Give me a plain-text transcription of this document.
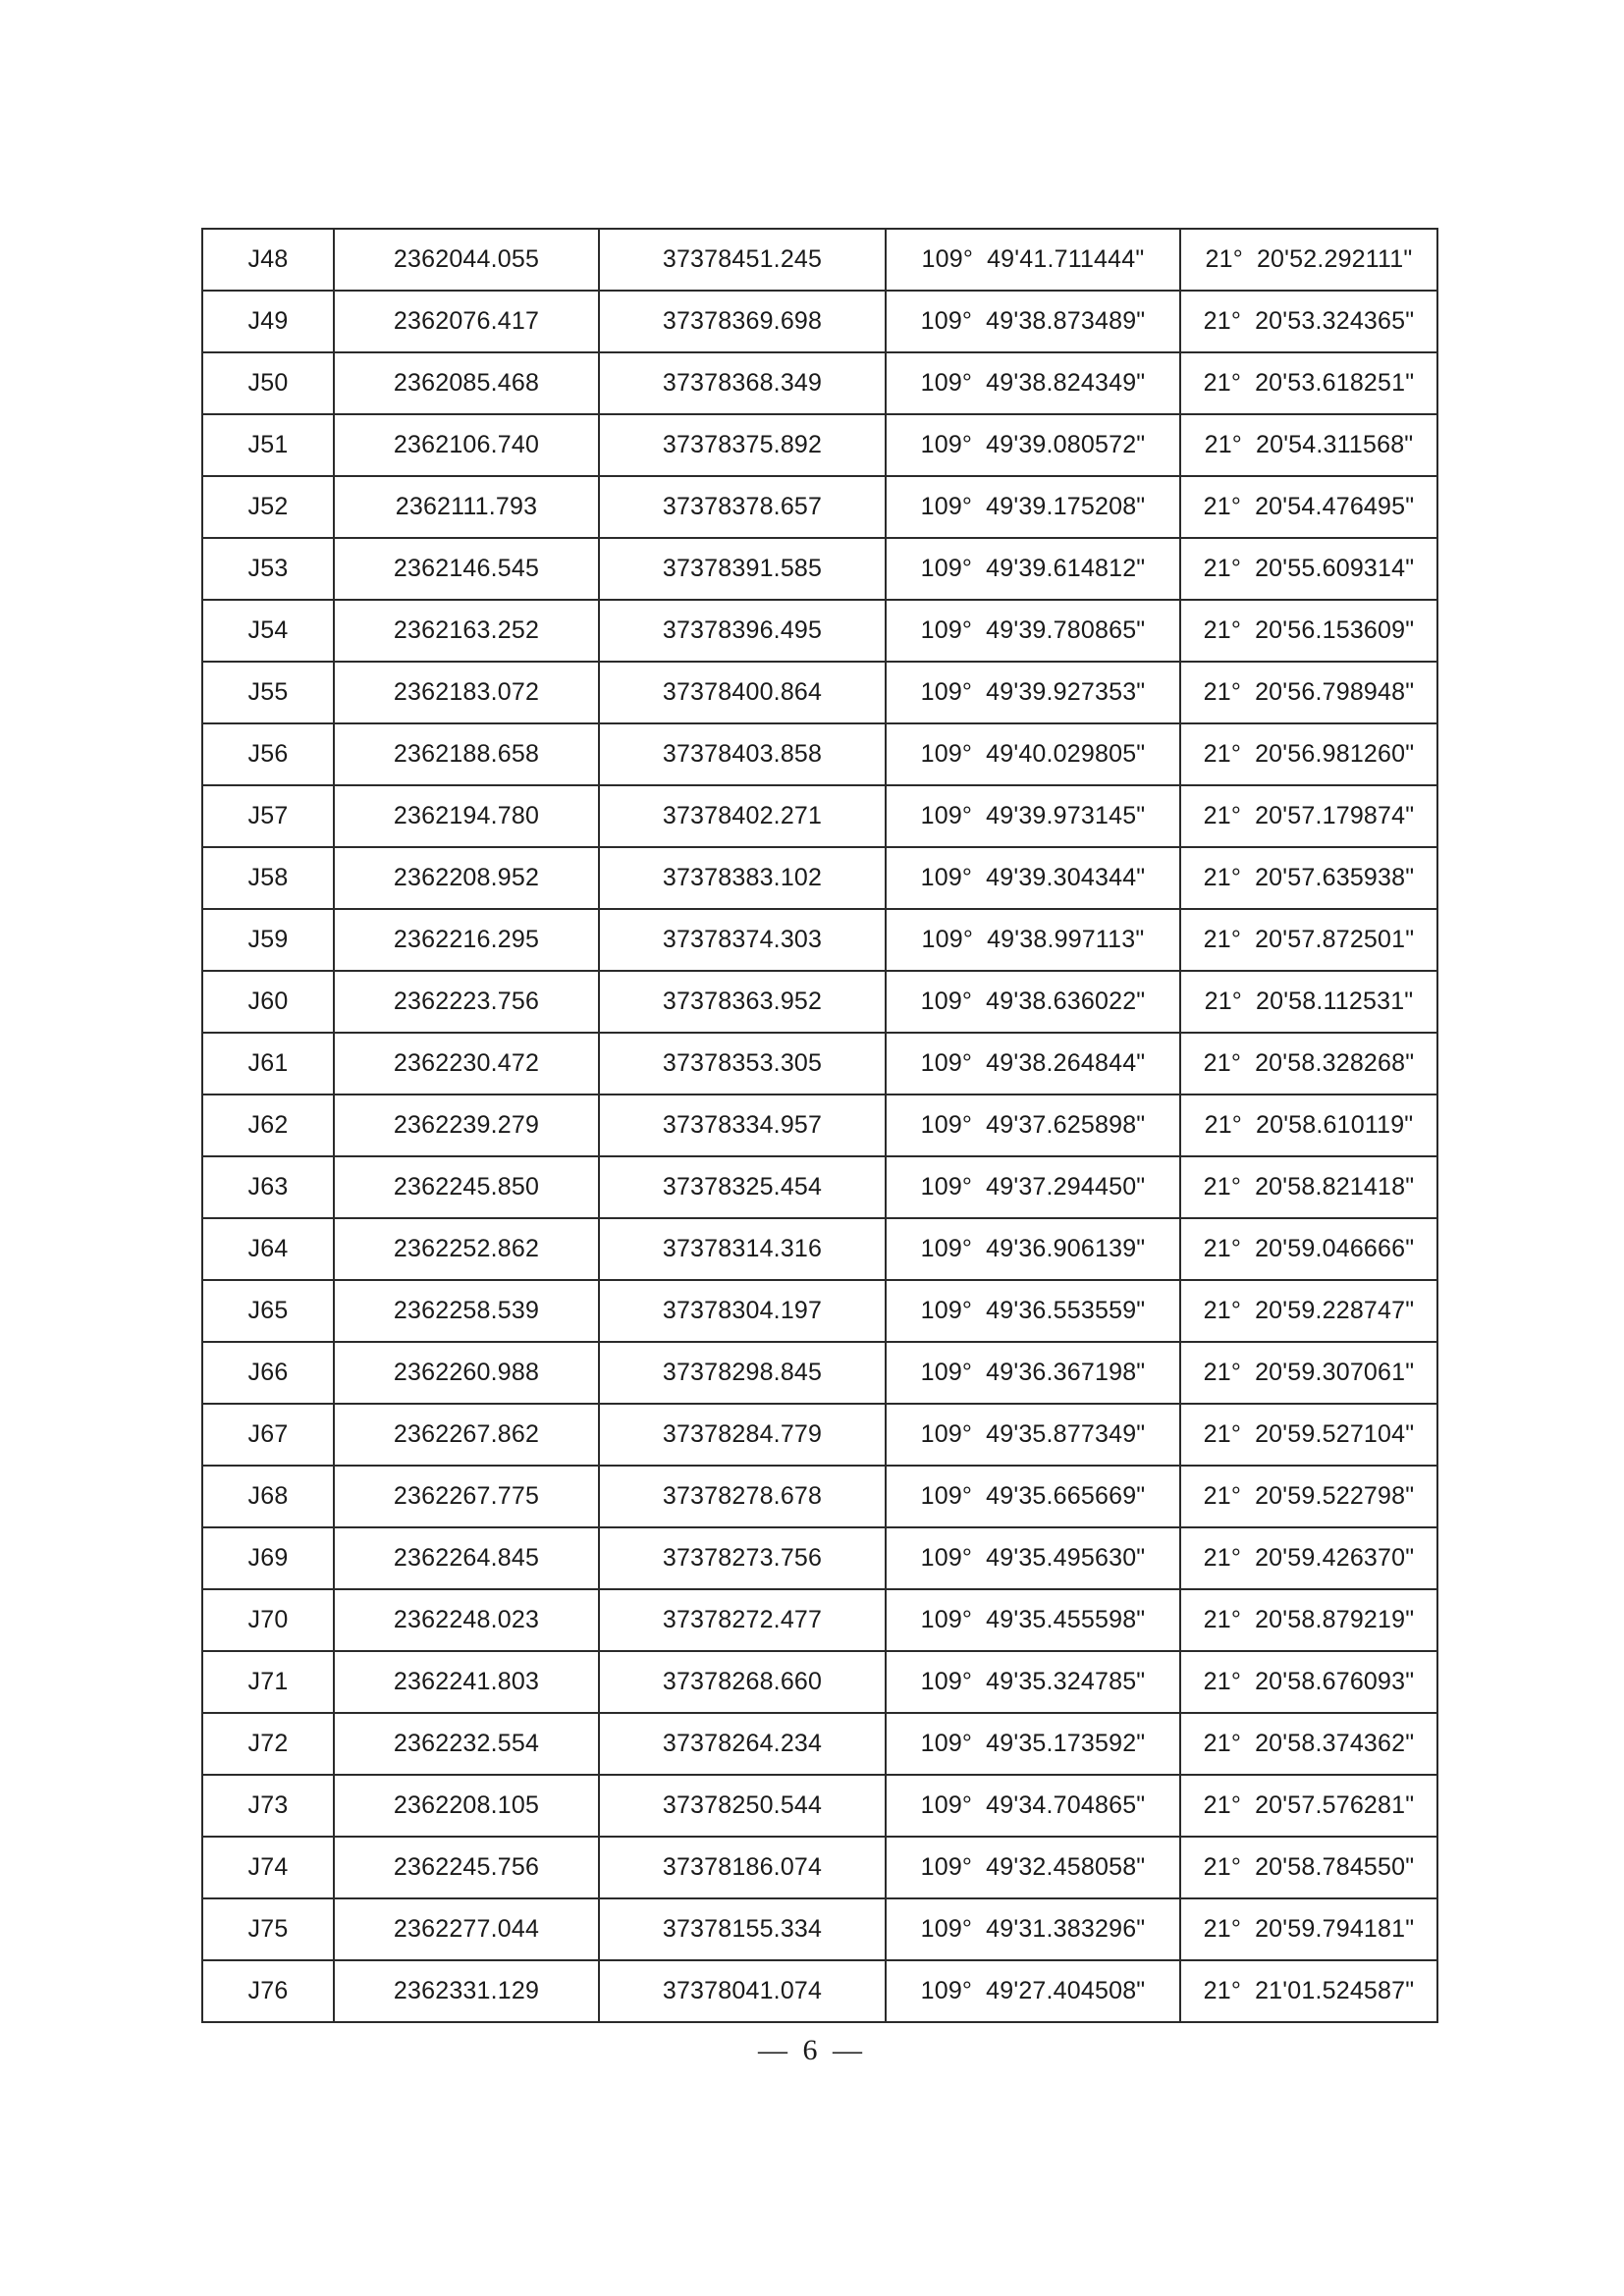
J48	2362044.055	37378451.245	109° 49'41.711444"	21° 20'52.292111"
J49	2362076.417	37378369.698	109° 49'38.873489"	21° 20'53.324365"
J50	2362085.468	37378368.349	109° 49'38.824349"	21° 20'53.618251"
J51	2362106.740	37378375.892	109° 49'39.080572"	21° 20'54.311568"
J52	2362111.793	37378378.657	109° 49'39.175208"	21° 20'54.476495"
J53	2362146.545	37378391.585	109° 49'39.614812"	21° 20'55.609314"
J54	2362163.252	37378396.495	109° 49'39.780865"	21° 20'56.153609"
J55	2362183.072	37378400.864	109° 49'39.927353"	21° 20'56.798948"
J56	2362188.658	37378403.858	109° 49'40.029805"	21° 20'56.981260"
J57	2362194.780	37378402.271	109° 49'39.973145"	21° 20'57.179874"
J58	2362208.952	37378383.102	109° 49'39.304344"	21° 20'57.635938"
J59	2362216.295	37378374.303	109° 49'38.997113"	21° 20'57.872501"
J60	2362223.756	37378363.952	109° 49'38.636022"	21° 20'58.112531"
J61	2362230.472	37378353.305	109° 49'38.264844"	21° 20'58.328268"
J62	2362239.279	37378334.957	109° 49'37.625898"	21° 20'58.610119"
J63	2362245.850	37378325.454	109° 49'37.294450"	21° 20'58.821418"
J64	2362252.862	37378314.316	109° 49'36.906139"	21° 20'59.046666"
J65	2362258.539	37378304.197	109° 49'36.553559"	21° 20'59.228747"
J66	2362260.988	37378298.845	109° 49'36.367198"	21° 20'59.307061"
J67	2362267.862	37378284.779	109° 49'35.877349"	21° 20'59.527104"
J68	2362267.775	37378278.678	109° 49'35.665669"	21° 20'59.522798"
J69	2362264.845	37378273.756	109° 49'35.495630"	21° 20'59.426370"
J70	2362248.023	37378272.477	109° 49'35.455598"	21° 20'58.879219"
J71	2362241.803	37378268.660	109° 49'35.324785"	21° 20'58.676093"
J72	2362232.554	37378264.234	109° 49'35.173592"	21° 20'58.374362"
J73	2362208.105	37378250.544	109° 49'34.704865"	21° 20'57.576281"
J74	2362245.756	37378186.074	109° 49'32.458058"	21° 20'58.784550"
J75	2362277.044	37378155.334	109° 49'31.383296"	21° 20'59.794181"
J76	2362331.129	37378041.074	109° 49'27.404508"	21° 21'01.524587"
— 6 —
